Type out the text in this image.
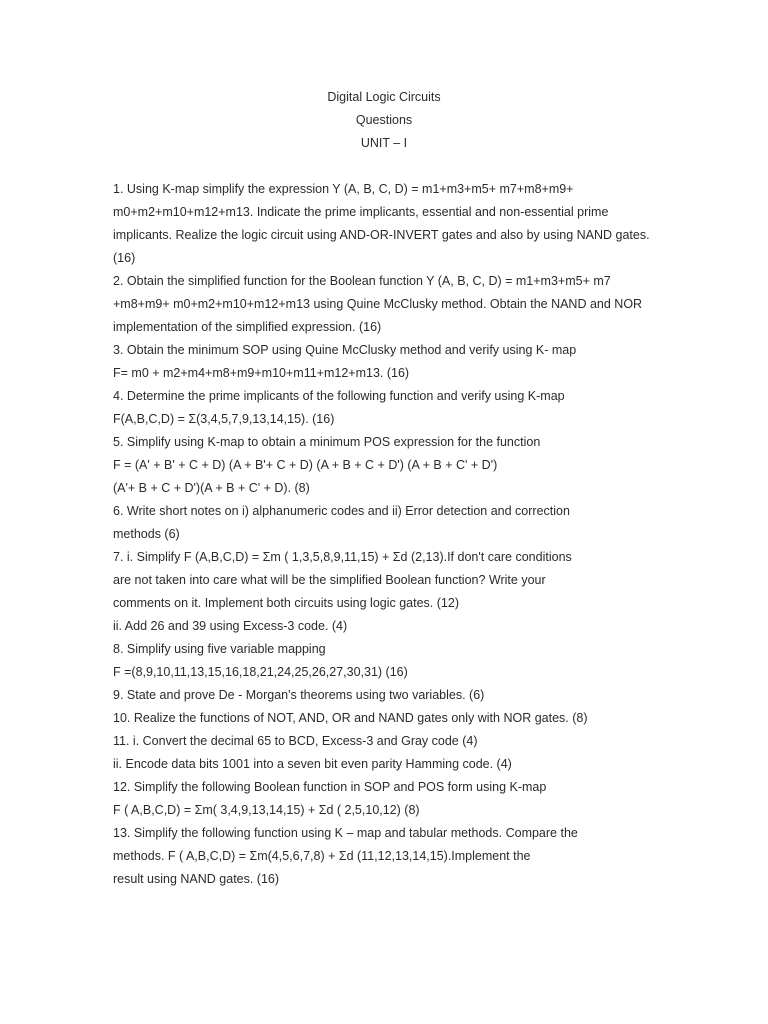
Digital Logic Circuits
Questions
UNIT – I
1. Using K-map simplify the expression Y (A, B, C, D) = m1+m3+m5+ m7+m8+m9+
m0+m2+m10+m12+m13. Indicate the prime implicants, essential and non-essential prime
implicants. Realize the logic circuit using AND-OR-INVERT gates and also by using NAND gates.
(16)
2. Obtain the simplified function for the Boolean function Y (A, B, C, D) = m1+m3+m5+ m7
+m8+m9+ m0+m2+m10+m12+m13 using Quine McClusky method. Obtain the NAND and NOR
implementation of the simplified expression. (16)
3. Obtain the minimum SOP using Quine McClusky method and verify using K- map
F= m0 + m2+m4+m8+m9+m10+m11+m12+m13. (16)
4. Determine the prime implicants of the following function and verify using K-map
F(A,B,C,D) = Σ(3,4,5,7,9,13,14,15). (16)
5. Simplify using K-map to obtain a minimum POS expression for the function
F = (A' + B' + C + D) (A + B'+ C + D) (A + B + C + D') (A + B + C' + D')
(A'+ B + C + D')(A + B + C' + D). (8)
6. Write short notes on i) alphanumeric codes and ii) Error detection and correction
methods (6)
7. i. Simplify F (A,B,C,D) = Σm ( 1,3,5,8,9,11,15) + Σd (2,13).If don't care conditions
are not taken into care what will be the simplified Boolean function? Write your
comments on it. Implement both circuits using logic gates. (12)
ii. Add 26 and 39 using Excess-3 code. (4)
8. Simplify using five variable mapping
F =(8,9,10,11,13,15,16,18,21,24,25,26,27,30,31) (16)
9. State and prove De - Morgan's theorems using two variables. (6)
10. Realize the functions of NOT, AND, OR and NAND gates only with NOR gates. (8)
11. i. Convert the decimal 65 to BCD, Excess-3 and Gray code (4)
ii. Encode data bits 1001 into a seven bit even parity Hamming code. (4)
12. Simplify the following Boolean function in SOP and POS form using K-map
F ( A,B,C,D) = Σm( 3,4,9,13,14,15) + Σd ( 2,5,10,12) (8)
13. Simplify the following function using K – map and tabular methods. Compare the
methods. F ( A,B,C,D) = Σm(4,5,6,7,8) + Σd (11,12,13,14,15).Implement the
result using NAND gates. (16)
